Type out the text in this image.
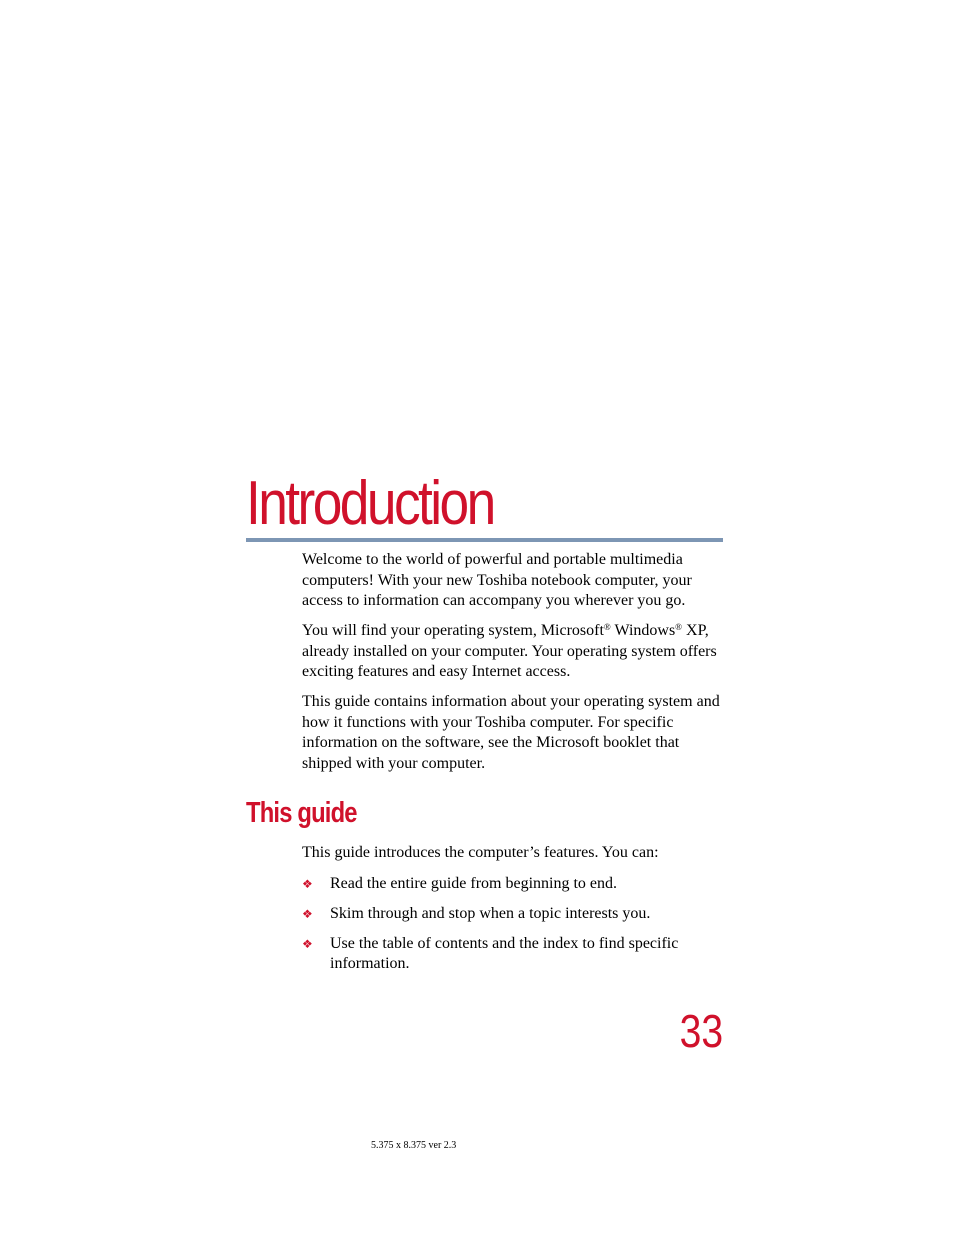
Introduction

Welcome to the world of powerful and portable multimedia computers! With your new Toshiba notebook computer, your access to information can accompany you wherever you go.

You will find your operating system, Microsoft® Windows® XP, already installed on your computer. Your operating system offers exciting features and easy Internet access.

This guide contains information about your operating system and how it functions with your Toshiba computer. For specific information on the software, see the Microsoft booklet that shipped with your computer.

This guide

This guide introduces the computer’s features. You can:

❖ Read the entire guide from beginning to end.
❖ Skim through and stop when a topic interests you.
❖ Use the table of contents and the index to find specific information.
33
5.375 x 8.375 ver 2.3
